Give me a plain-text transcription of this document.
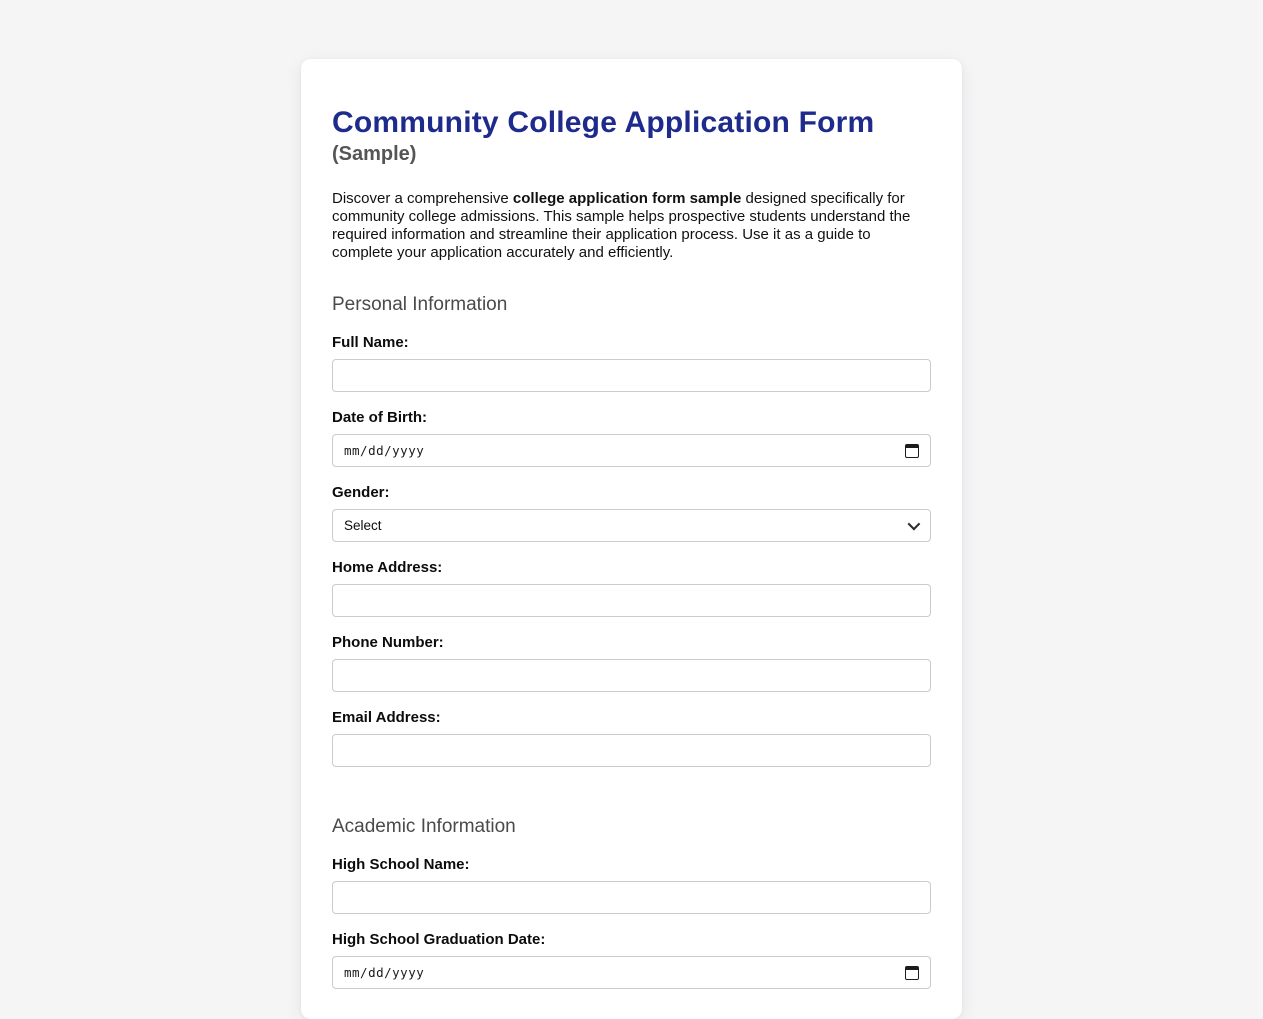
Community College Application Form
(Sample)

Discover a comprehensive college application form sample designed specifically for community college admissions. This sample helps prospective students understand the required information and streamline their application process. Use it as a guide to complete your application accurately and efficiently.

Personal Information
Full Name:
Date of Birth:
mm/dd/yyyy
Gender:
Select
Home Address:
Phone Number:
Email Address:
Academic Information
High School Name:
High School Graduation Date:
mm/dd/yyyy
